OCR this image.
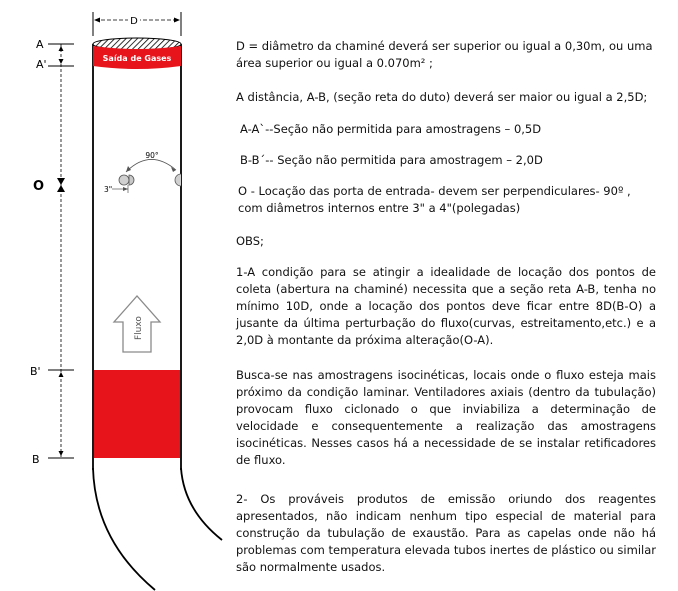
D
Saída de Gases
A
A'
O
90°
3"
Fluxo
B'
B
D = diâmetro da chaminé deverá ser superior ou igual a 0,30m, ou uma área superior ou igual a 0.070m² ;
A distância, A-B, (seção reta do duto) deverá ser maior ou igual a 2,5D;
A-A`--Seção não permitida para amostragens – 0,5D
B-B´-- Seção não permitida para amostragem – 2,0D
O - Locação das porta de entrada- devem ser perpendiculares- 90º , com diâmetros internos entre 3" a 4"(polegadas)
OBS;
1-A condição para se atingir a idealidade de locação dos pontos de coleta (abertura na chaminé) necessita que a seção reta A-B, tenha no mínimo 10D, onde a locação dos pontos deve ficar entre 8D(B-O) a jusante da última perturbação do fluxo(curvas, estreitamento,etc.) e a 2,0D à montante da próxima alteração(O-A).
Busca-se nas amostragens isocinéticas, locais onde o fluxo esteja mais próximo da condição laminar. Ventiladores axiais (dentro da tubulação) provocam fluxo ciclonado o que inviabiliza a determinação de velocidade e consequentemente a realização das amostragens isocinéticas. Nesses casos há a necessidade de se instalar retificadores de fluxo.
2- Os prováveis produtos de emissão oriundo dos reagentes apresentados, não indicam nenhum tipo especial de material para construção da tubulação de exaustão. Para as capelas onde não há problemas com temperatura elevada tubos inertes de plástico ou similar são normalmente usados.
